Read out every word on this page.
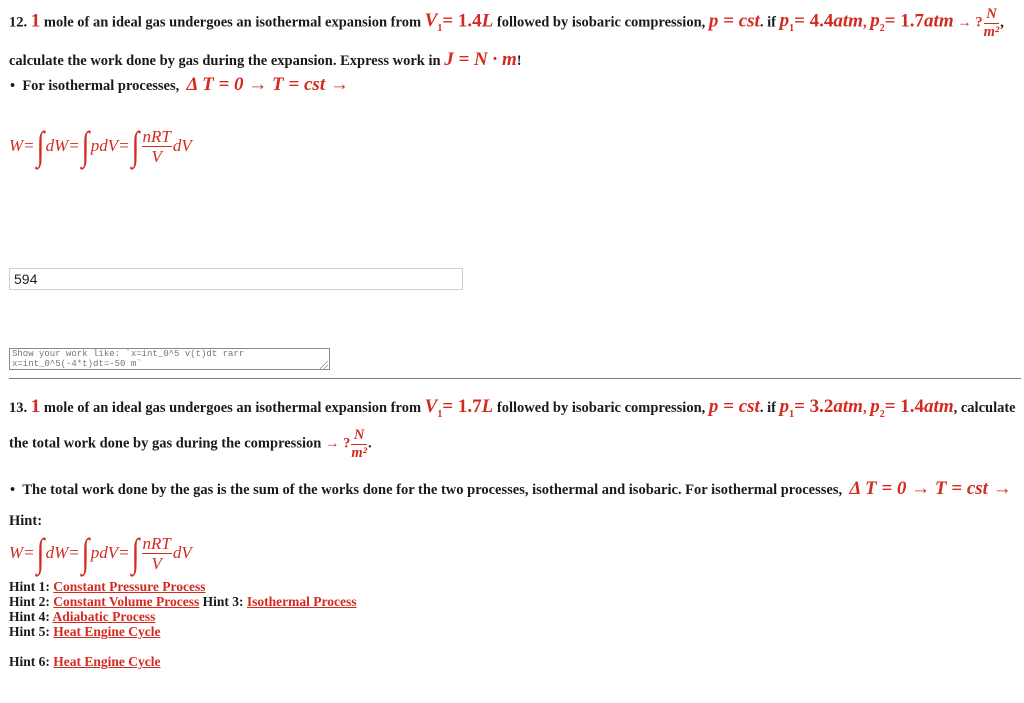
12. 1 mole of an ideal gas undergoes an isothermal expansion from $V_1= 1.4L$ followed by isobaric compression, p = cst. if $p_1= 4.4atm$, $p_2= 1.7atm$ → ? $\frac{N}{\text{m²}}$ ,
calculate the work done by gas during the expansion. Express work in J = N · m!
• For isothermal processes, Δ T = 0 → T = cst →
$W=\int dW=\int pdV=\int \frac{\text{nRT}}{V}$ dV
594
Show your work like: `x=int_0^5 v(t)dt rarr x=int_0^5(-4*t)dt=-50 m`
13. 1 mole of an ideal gas undergoes an isothermal expansion from $V_1= 1.7L$ followed by isobaric compression, p = cst. if $p_1= 3.2atm$, $p_2= 1.4atm$, calculate
the total work done by gas during the compression → ? $\frac{N}{\text{m²}}$ .
• The total work done by the gas is the sum of the works done for the two processes, isothermal and isobaric. For isothermal processes, Δ T = 0 → T = cst →
Hint:
$W=\int dW=\int pdV=\int \frac{\text{nRT}}{V}$ dV
Hint 1: Constant Pressure Process
Hint 2: Constant Volume Process Hint 3: Isothermal Process
Hint 4: Adiabatic Process
Hint 5: Heat Engine Cycle
Hint 6: Heat Engine Cycle
